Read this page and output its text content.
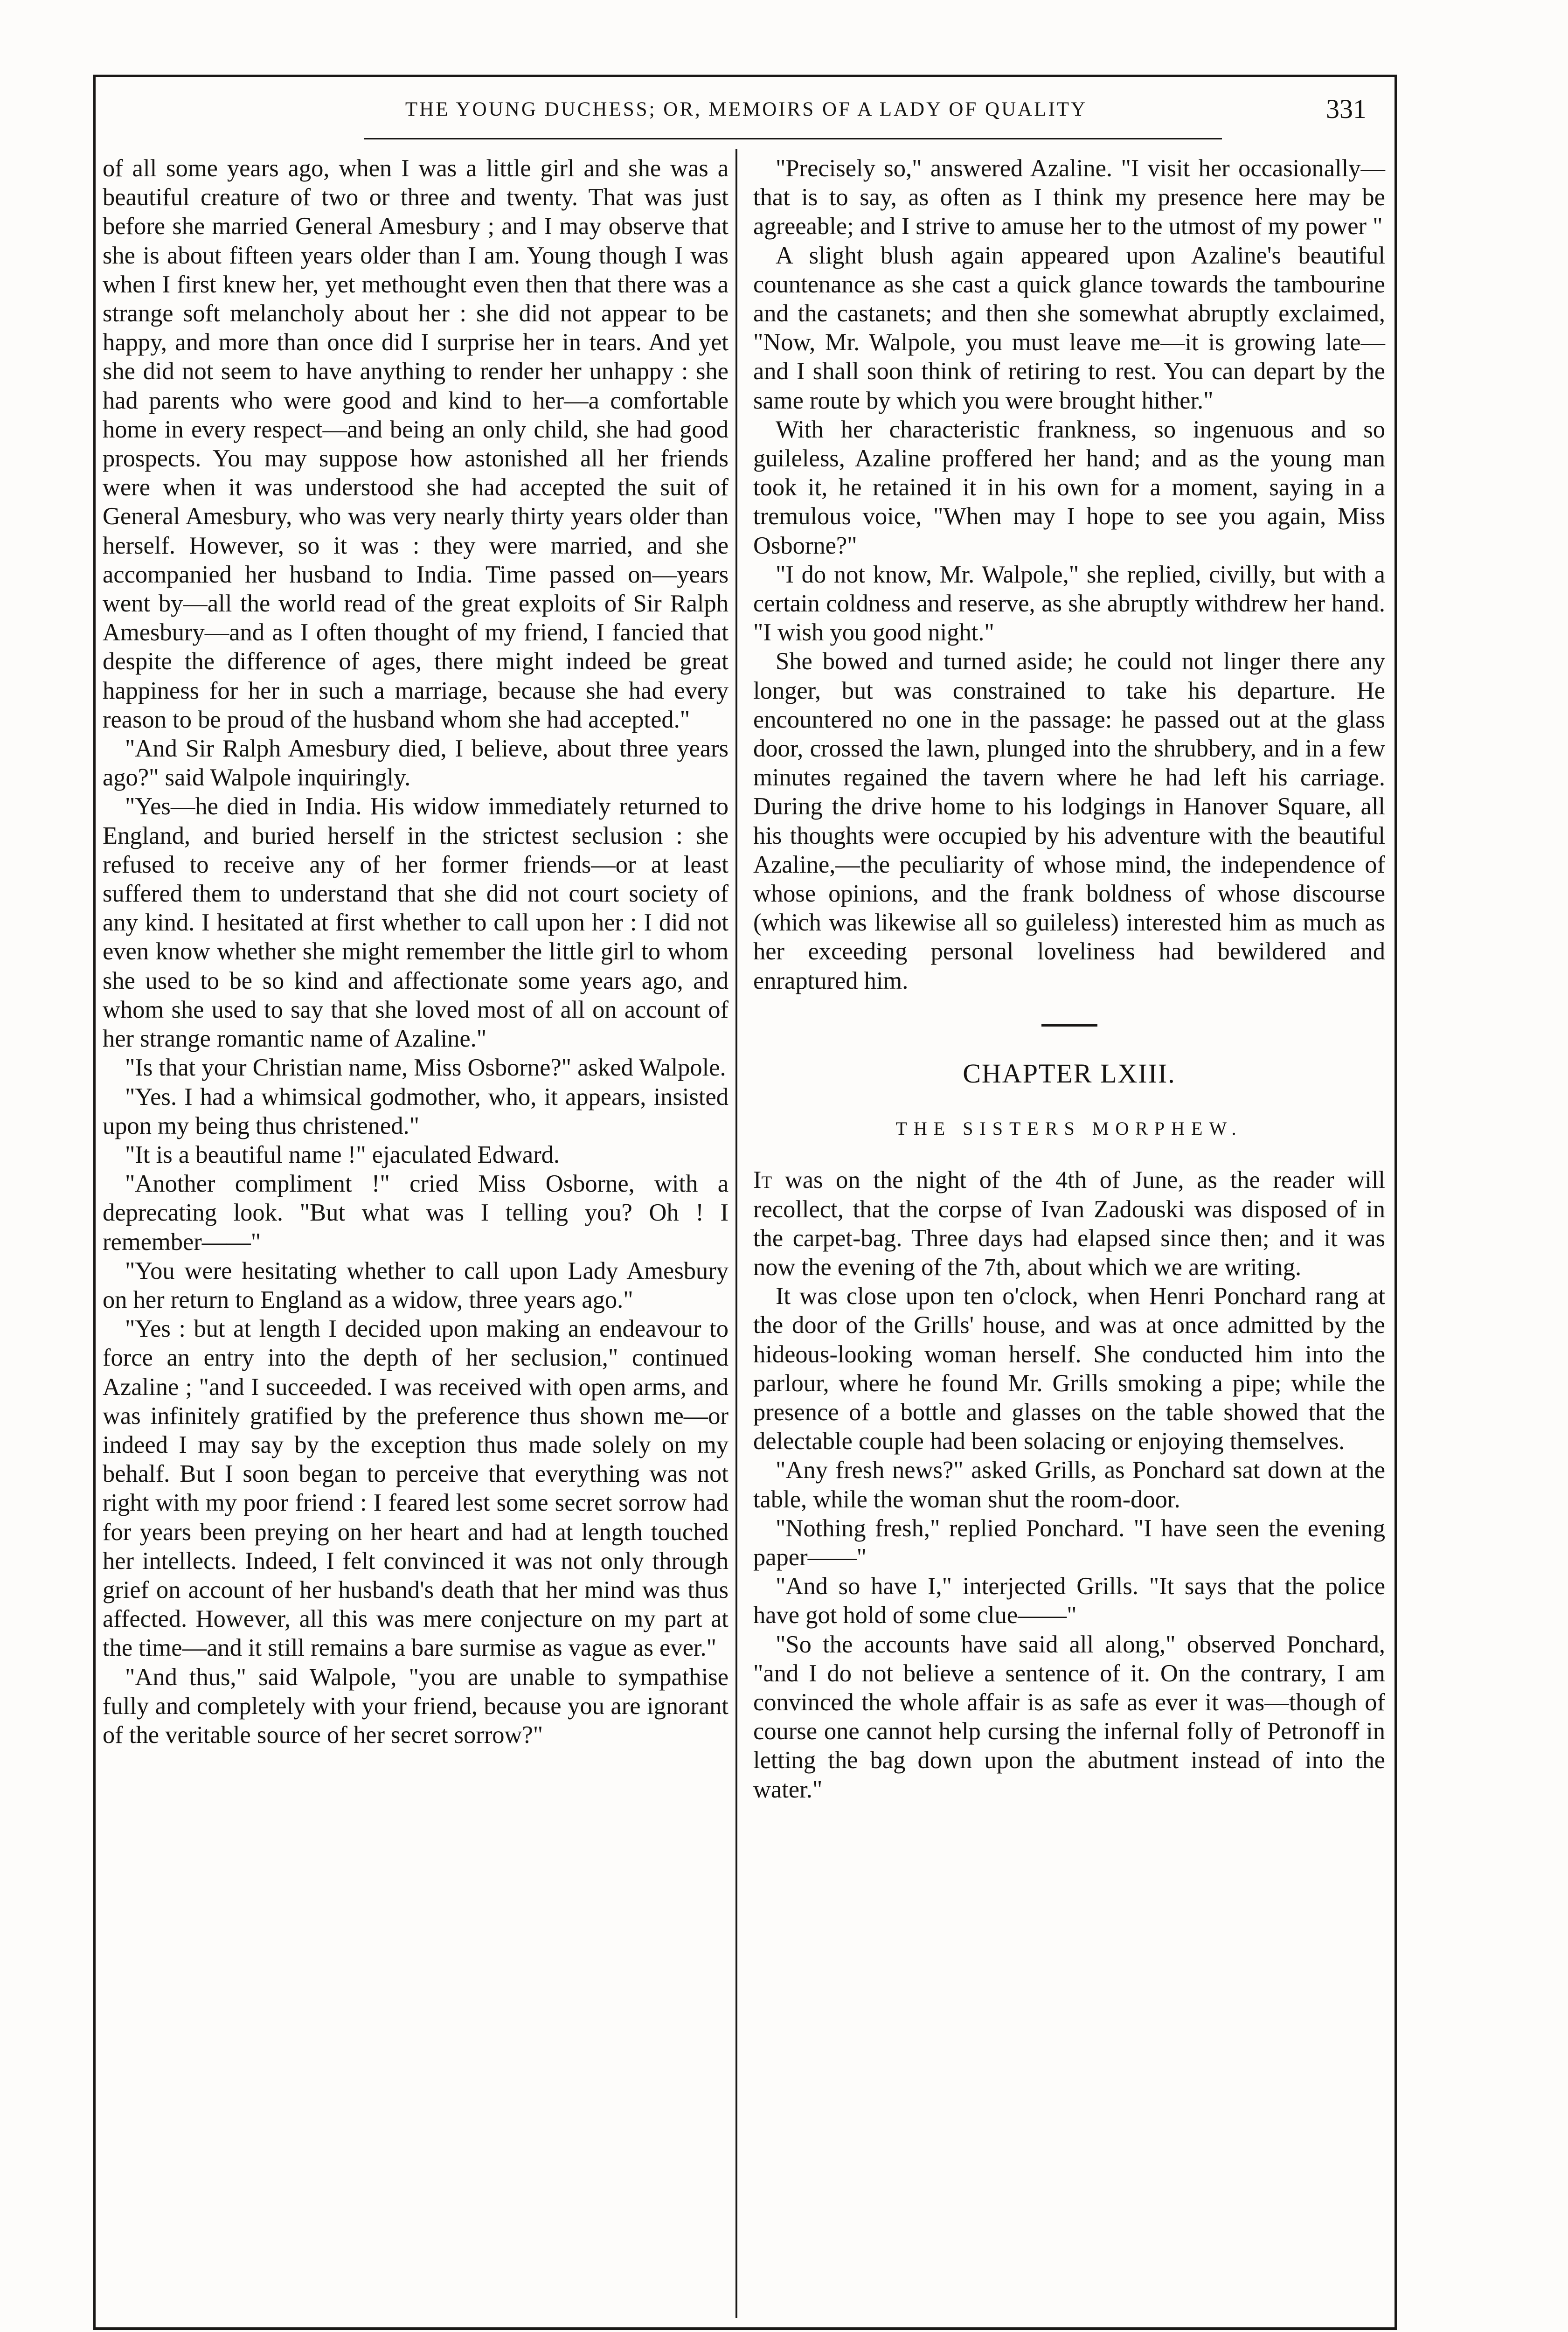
THE YOUNG DUCHESS; OR, MEMOIRS OF A LADY OF QUALITY	331

of all some years ago, when I was a little girl and she was a beautiful creature of two or three and twenty. That was just before she married General Amesbury ; and I may observe that she is about fifteen years older than I am. Young though I was when I first knew her, yet methought even then that there was a strange soft melancholy about her : she did not appear to be happy, and more than once did I surprise her in tears. And yet she did not seem to have anything to render her unhappy : she had parents who were good and kind to her—a comfortable home in every respect—and being an only child, she had good prospects. You may suppose how astonished all her friends were when it was understood she had accepted the suit of General Amesbury, who was very nearly thirty years older than herself. However, so it was : they were married, and she accompanied her husband to India. Time passed on—years went by—all the world read of the great exploits of Sir Ralph Amesbury—and as I often thought of my friend, I fancied that despite the difference of ages, there might indeed be great happiness for her in such a marriage, because she had every reason to be proud of the husband whom she had accepted."

"And Sir Ralph Amesbury died, I believe, about three years ago?" said Walpole inquiringly.

"Yes—he died in India. His widow immediately returned to England, and buried herself in the strictest seclusion : she refused to receive any of her former friends—or at least suffered them to understand that she did not court society of any kind. I hesitated at first whether to call upon her : I did not even know whether she might remember the little girl to whom she used to be so kind and affectionate some years ago, and whom she used to say that she loved most of all on account of her strange romantic name of Azaline."

"Is that your Christian name, Miss Osborne?" asked Walpole.

"Yes. I had a whimsical godmother, who, it appears, insisted upon my being thus christened."

"It is a beautiful name !" ejaculated Edward.

"Another compliment !" cried Miss Osborne, with a deprecating look. "But what was I telling you? Oh ! I remember——"

"You were hesitating whether to call upon Lady Amesbury on her return to England as a widow, three years ago."

"Yes : but at length I decided upon making an endeavour to force an entry into the depth of her seclusion," continued Azaline ; "and I succeeded. I was received with open arms, and was infinitely gratified by the preference thus shown me—or indeed I may say by the exception thus made solely on my behalf. But I soon began to perceive that everything was not right with my poor friend : I feared lest some secret sorrow had for years been preying on her heart and had at length touched her intellects. Indeed, I felt convinced it was not only through grief on account of her husband's death that her mind was thus affected. However, all this was mere conjecture on my part at the time—and it still remains a bare surmise as vague as ever."

"And thus," said Walpole, "you are unable to sympathise fully and completely with your friend, because you are ignorant of the veritable source of her secret sorrow?"

"Precisely so," answered Azaline. "I visit her occasionally—that is to say, as often as I think my presence here may be agreeable; and I strive to amuse her to the utmost of my power "

A slight blush again appeared upon Azaline's beautiful countenance as she cast a quick glance towards the tambourine and the castanets; and then she somewhat abruptly exclaimed, "Now, Mr. Walpole, you must leave me—it is growing late—and I shall soon think of retiring to rest. You can depart by the same route by which you were brought hither."

With her characteristic frankness, so ingenuous and so guileless, Azaline proffered her hand; and as the young man took it, he retained it in his own for a moment, saying in a tremulous voice, "When may I hope to see you again, Miss Osborne?"

"I do not know, Mr. Walpole," she replied, civilly, but with a certain coldness and reserve, as she abruptly withdrew her hand. "I wish you good night."

She bowed and turned aside; he could not linger there any longer, but was constrained to take his departure. He encountered no one in the passage: he passed out at the glass door, crossed the lawn, plunged into the shrubbery, and in a few minutes regained the tavern where he had left his carriage. During the drive home to his lodgings in Hanover Square, all his thoughts were occupied by his adventure with the beautiful Azaline,—the peculiarity of whose mind, the independence of whose opinions, and the frank boldness of whose discourse (which was likewise all so guileless) interested him as much as her exceeding personal loveliness had bewildered and enraptured him.

CHAPTER LXIII.
THE SISTERS MORPHEW.

It was on the night of the 4th of June, as the reader will recollect, that the corpse of Ivan Zadouski was disposed of in the carpet-bag. Three days had elapsed since then; and it was now the evening of the 7th, about which we are writing.

It was close upon ten o'clock, when Henri Ponchard rang at the door of the Grills' house, and was at once admitted by the hideous-looking woman herself. She conducted him into the parlour, where he found Mr. Grills smoking a pipe; while the presence of a bottle and glasses on the table showed that the delectable couple had been solacing or enjoying themselves.

"Any fresh news?" asked Grills, as Ponchard sat down at the table, while the woman shut the room-door.

"Nothing fresh," replied Ponchard. "I have seen the evening paper——"

"And so have I," interjected Grills. "It says that the police have got hold of some clue——"

"So the accounts have said all along," observed Ponchard, "and I do not believe a sentence of it. On the contrary, I am convinced the whole affair is as safe as ever it was—though of course one cannot help cursing the infernal folly of Petronoff in letting the bag down upon the abutment instead of into the water."
